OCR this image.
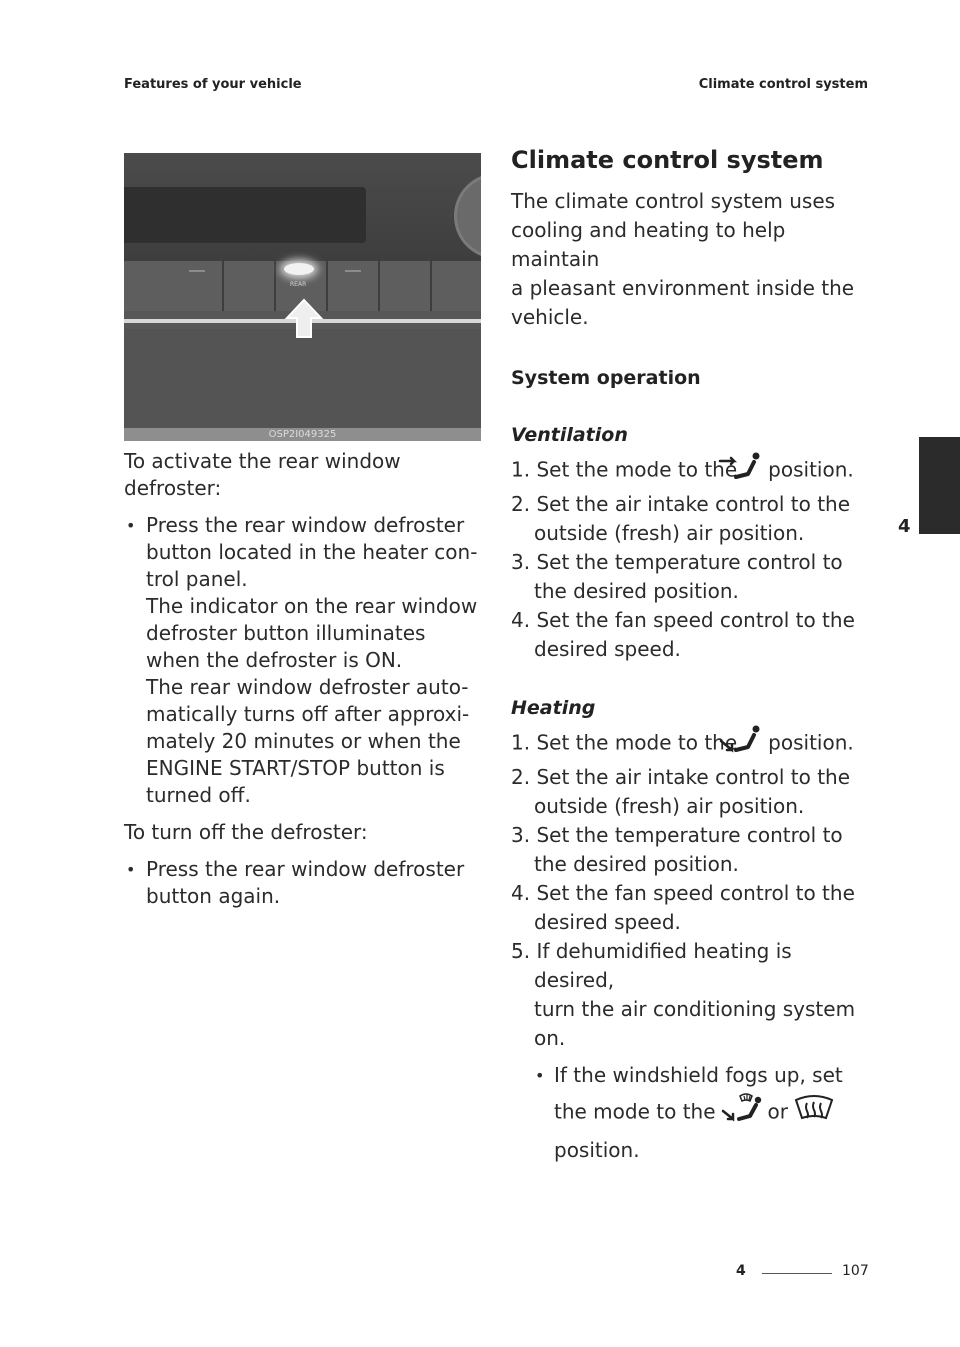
Features of your vehicle	Climate control system
REAR
OSP2I049325

To activate the rear window defroster:

• Press the rear window defroster

button located in the heater con-

trol panel.

The indicator on the rear window

defroster button illuminates

when the defroster is ON.

The rear window defroster auto-

matically turns off after approxi-

mately 20 minutes or when the

ENGINE START/STOP button is

turned off.

To turn off the defroster:

• Press the rear window defroster

button again.

Climate control system

The climate control system uses

cooling and heating to help maintain

a pleasant environment inside the

vehicle.

System operation

Ventilation

1. Set the mode to the position.

2. Set the air intake control to the
outside (fresh) air position.

3. Set the temperature control to
the desired position.

4. Set the fan speed control to the
desired speed.

Heating

1. Set the mode to the position.

2. Set the air intake control to the
outside (fresh) air position.

3. Set the temperature control to
the desired position.

4. Set the fan speed control to the
desired speed.

5. If dehumidified heating is desired,
turn the air conditioning system
on.

• If the windshield fogs up, set

the mode to the	or

position.

4
4	107
